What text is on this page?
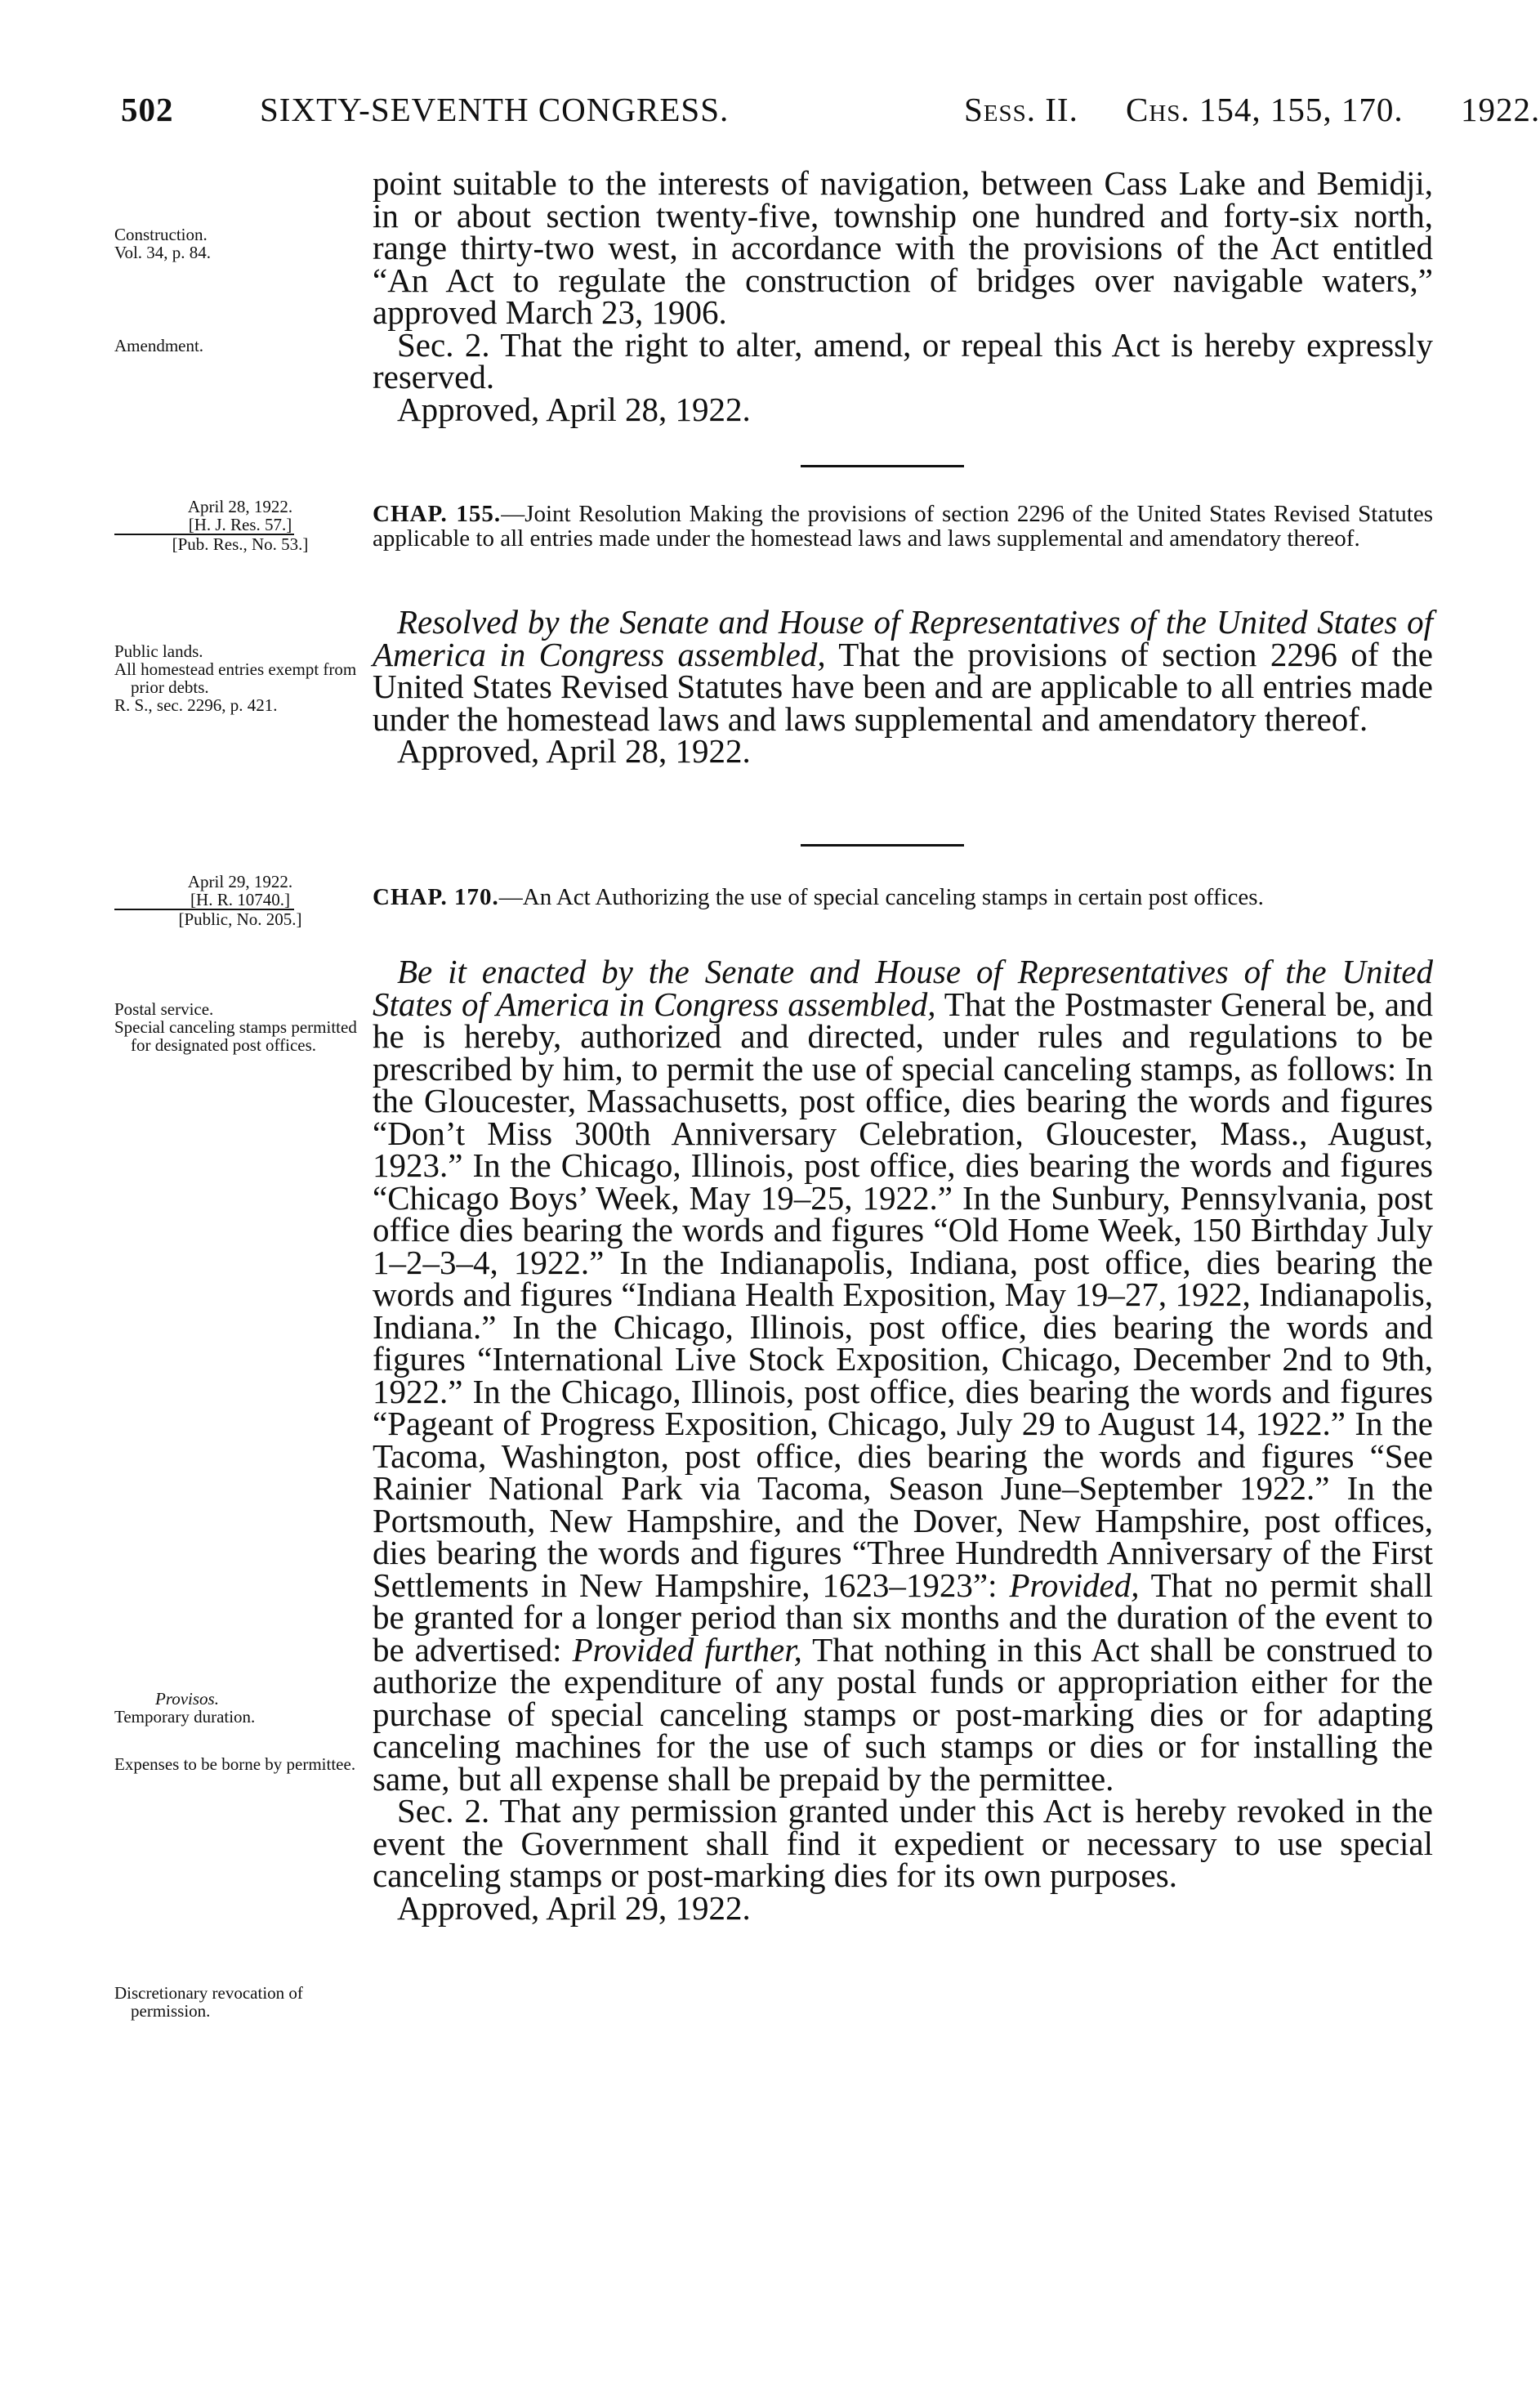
502	SIXTY-SEVENTH CONGRESS.	Sess. II. Chs. 154, 155, 170. 1922.
Construction.
Vol. 34, p. 84.
Amendment.

point suitable to the interests of navigation, between Cass Lake and Bemidji, in or about section twenty-five, township one hundred and forty-six north, range thirty-two west, in accordance with the provisions of the Act entitled “An Act to regulate the construction of bridges over navigable waters,” approved March 23, 1906.

Sec. 2. That the right to alter, amend, or repeal this Act is hereby expressly reserved.

Approved, April 28, 1922.

April 28, 1922.
[H. J. Res. 57.]
[Pub. Res., No. 53.]
CHAP. 155.—Joint Resolution Making the provisions of section 2296 of the United States Revised Statutes applicable to all entries made under the homestead laws and laws supplemental and amendatory thereof.
Public lands.
All homestead entries exempt from prior debts.
R. S., sec. 2296, p. 421.

Resolved by the Senate and House of Representatives of the United States of America in Congress assembled, That the provisions of section 2296 of the United States Revised Statutes have been and are applicable to all entries made under the homestead laws and laws supplemental and amendatory thereof.

Approved, April 28, 1922.

April 29, 1922.
[H. R. 10740.]
[Public, No. 205.]
CHAP. 170.—An Act Authorizing the use of special canceling stamps in certain post offices.
Postal service.
Special canceling stamps permitted for designated post offices.
Provisos.
Temporary duration.
Expenses to be borne by permittee.
Discretionary revocation of permission.

Be it enacted by the Senate and House of Representatives of the United States of America in Congress assembled, That the Postmaster General be, and he is hereby, authorized and directed, under rules and regulations to be prescribed by him, to permit the use of special canceling stamps, as follows: In the Gloucester, Massachusetts, post office, dies bearing the words and figures “Don’t Miss 300th Anniversary Celebration, Gloucester, Mass., August, 1923.” In the Chicago, Illinois, post office, dies bearing the words and figures “Chicago Boys’ Week, May 19–25, 1922.” In the Sunbury, Pennsylvania, post office dies bearing the words and figures “Old Home Week, 150 Birthday July 1–2–3–4, 1922.” In the Indianapolis, Indiana, post office, dies bearing the words and figures “Indiana Health Exposition, May 19–27, 1922, Indianapolis, Indiana.” In the Chicago, Illinois, post office, dies bearing the words and figures “International Live Stock Exposition, Chicago, December 2nd to 9th, 1922.” In the Chicago, Illinois, post office, dies bearing the words and figures “Pageant of Progress Exposition, Chicago, July 29 to August 14, 1922.” In the Tacoma, Washington, post office, dies bearing the words and figures “See Rainier National Park via Tacoma, Season June–September 1922.” In the Portsmouth, New Hampshire, and the Dover, New Hampshire, post offices, dies bearing the words and figures “Three Hundredth Anniversary of the First Settlements in New Hampshire, 1623–1923”: Provided, That no permit shall be granted for a longer period than six months and the duration of the event to be advertised: Provided further, That nothing in this Act shall be construed to authorize the expenditure of any postal funds or appropriation either for the purchase of special canceling stamps or post-marking dies or for adapting canceling machines for the use of such stamps or dies or for installing the same, but all expense shall be prepaid by the permittee.

Sec. 2. That any permission granted under this Act is hereby revoked in the event the Government shall find it expedient or necessary to use special canceling stamps or post-marking dies for its own purposes.

Approved, April 29, 1922.
